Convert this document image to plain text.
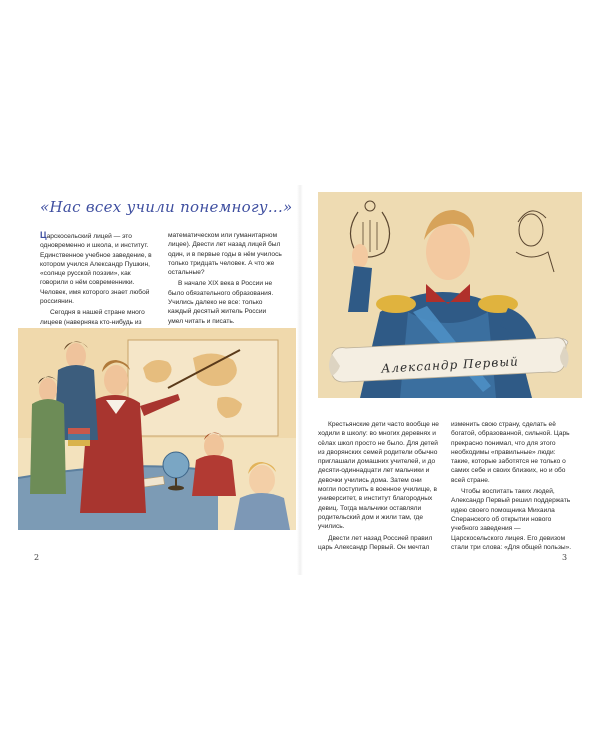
«Нас всех учили понемногу...»

Царскосельский лицей — это одновременно и школа, и институт. Единственное учебное заведение, в котором учился Александр Пушкин, «солнце русской поэзии», как говорили о нём современники. Человек, имя которого знает любой россиянин.

Сегодня в нашей стране много лицеев (наверняка кто-нибудь из

математическом или гуманитарном лицее). Двести лет назад лицей был один, и в первые годы в нём училось только тридцать человек. А что же остальные?

В начале XIX века в России не было обязательного образования. Учились далеко не все: только каждый десятый житель России умел читать и писать.

2
Александр Первый

Крестьянские дети часто вообще не ходили в школу: во многих деревнях и сёлах школ просто не было. Для детей из дворянских семей родители обычно приглашали домашних учителей, и до десяти-одиннадцати лет мальчики и девочки учились дома. Затем они могли поступить в военное училище, в университет, в институт благородных девиц. Тогда мальчики оставляли родительский дом и жили там, где учились.

Двести лет назад Россией правил царь Александр Первый. Он мечтал

изменить свою страну, сделать её богатой, образованной, сильной. Царь прекрасно понимал, что для этого необходимы «правильные» люди: такие, которые заботятся не только о самих себе и своих близких, но и обо всей стране.

Чтобы воспитать таких людей, Александр Первый решил поддержать идею своего помощника Михаила Сперанского об открытии нового учебного заведения — Царскосельского лицея. Его девизом стали три слова: «Для общей пользы».

3
